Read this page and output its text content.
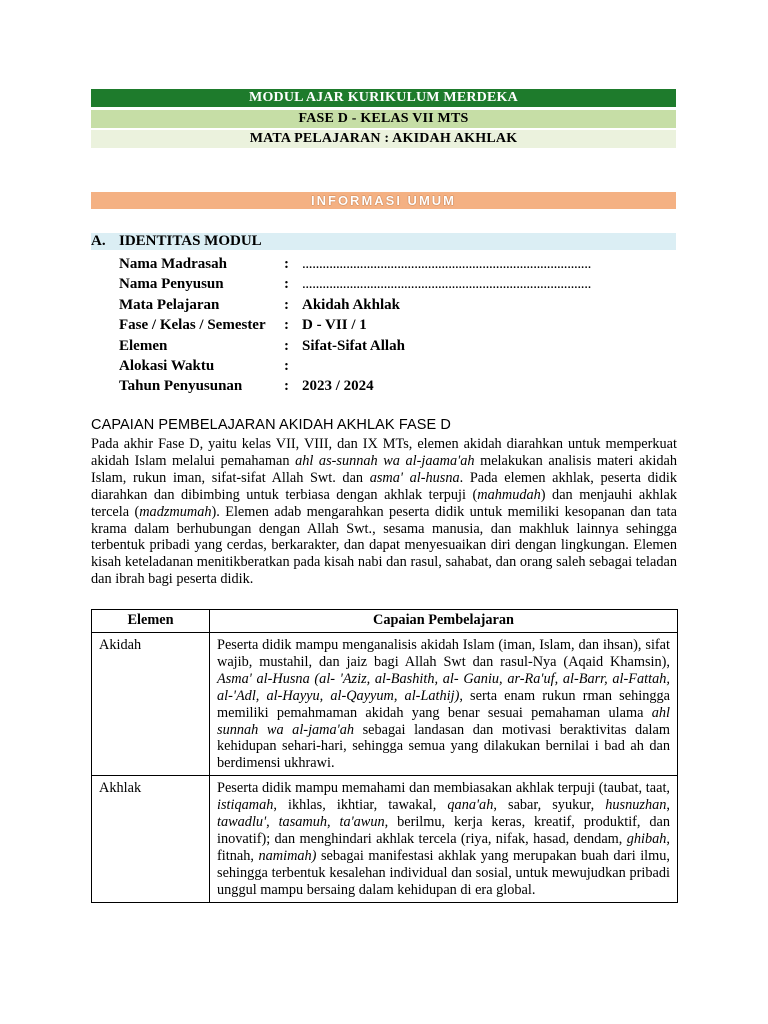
MODUL AJAR KURIKULUM MERDEKA
FASE D - KELAS VII MTS
MATA PELAJARAN : AKIDAH AKHLAK
INFORMASI UMUM
A. IDENTITAS MODUL
Nama Madrasah	: .....................................................................................
Nama Penyusun	: .....................................................................................
Mata Pelajaran	: Akidah Akhlak
Fase / Kelas / Semester : D - VII / 1
Elemen	: Sifat-Sifat Allah
Alokasi Waktu	:
Tahun Penyusunan	: 2023 / 2024
CAPAIAN PEMBELAJARAN AKIDAH AKHLAK FASE D

Pada akhir Fase D, yaitu kelas VII, VIII, dan IX MTs, elemen akidah diarahkan untuk memperkuat akidah Islam melalui pemahaman ahl as-sunnah wa al-jaama'ah melakukan analisis materi akidah Islam, rukun iman, sifat-sifat Allah Swt. dan asma' al-husna. Pada elemen akhlak, peserta didik diarahkan dan dibimbing untuk terbiasa dengan akhlak terpuji (mahmudah) dan menjauhi akhlak tercela (madzmumah). Elemen adab mengarahkan peserta didik untuk memiliki kesopanan dan tata krama dalam berhubungan dengan Allah Swt., sesama manusia, dan makhluk lainnya sehingga terbentuk pribadi yang cerdas, berkarakter, dan dapat menyesuaikan diri dengan lingkungan. Elemen kisah keteladanan menitikberatkan pada kisah nabi dan rasul, sahabat, dan orang saleh sebagai teladan dan ibrah bagi peserta didik.

Elemen	Capaian Pembelajaran
Akidah	Peserta didik mampu menganalisis akidah Islam (iman, Islam, dan ihsan), sifat wajib, mustahil, dan jaiz bagi Allah Swt dan rasul-Nya (Aqaid Khamsin), Asma' al-Husna (al- 'Aziz, al-Bashith, al- Ganiu, ar-Ra'uf, al-Barr, al-Fattah, al-'Adl, al-Hayyu, al-Qayyum, al-Lathij), serta enam rukun rman sehingga memiliki pemahmaman akidah yang benar sesuai pemahaman ulama ahl sunnah wa al-jama'ah sebagai landasan dan motivasi beraktivitas dalam kehidupan sehari-hari, sehingga semua yang dilakukan bernilai i bad ah dan berdimensi ukhrawi.
Akhlak	Peserta didik mampu memahami dan membiasakan akhlak terpuji (taubat, taat, istiqamah, ikhlas, ikhtiar, tawakal, qana'ah, sabar, syukur, husnuzhan, tawadlu', tasamuh, ta'awun, berilmu, kerja keras, kreatif, produktif, dan inovatif); dan menghindari akhlak tercela (riya, nifak, hasad, dendam, ghibah, fitnah, namimah) sebagai manifestasi akhlak yang merupakan buah dari ilmu, sehingga terbentuk kesalehan individual dan sosial, untuk mewujudkan pribadi unggul mampu bersaing dalam kehidupan di era global.
